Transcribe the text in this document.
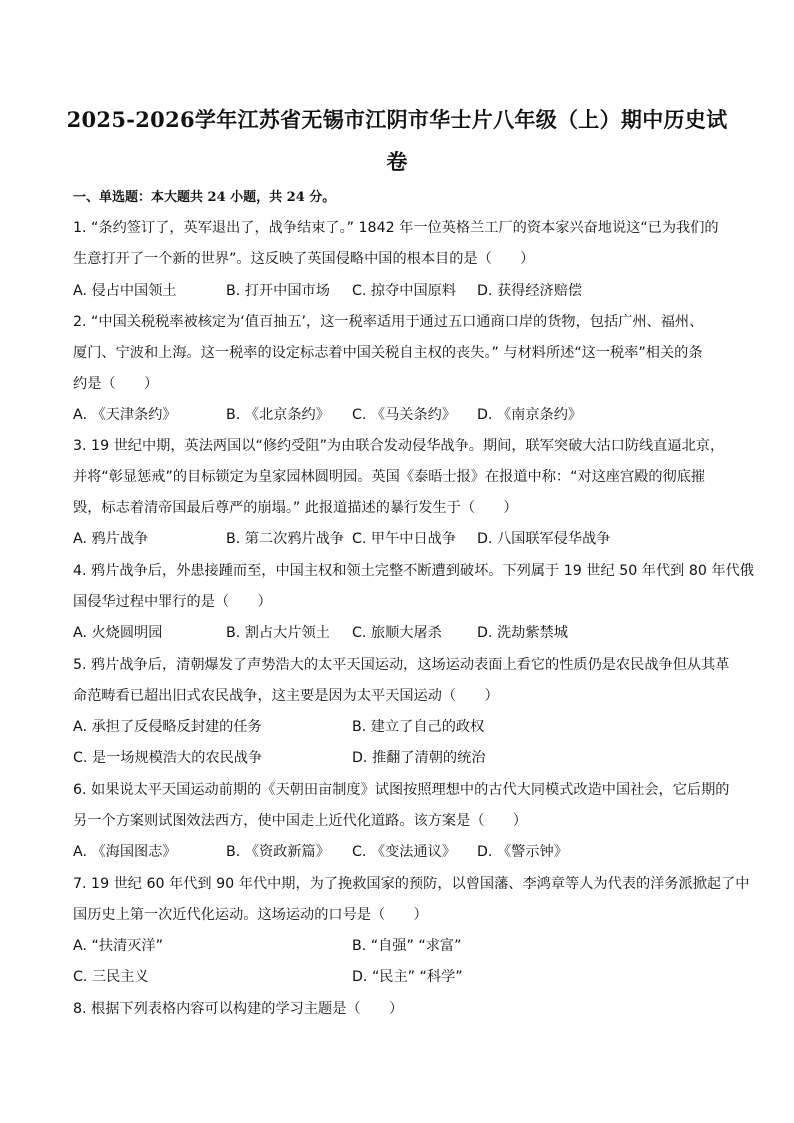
2025-2026学年江苏省无锡市江阴市华士片八年级（上）期中历史试
卷
一、单选题：本大题共 24 小题，共 24 分。
1. “条约签订了，英军退出了，战争结束了。” 1842 年一位英格兰工厂的资本家兴奋地说这“已为我们的
生意打开了一个新的世界”。这反映了英国侵略中国的根本目的是（　　）
A. 侵占中国领土	B. 打开中国市场 C. 掠夺中国原料 D. 获得经济赔偿
2. “中国关税税率被核定为‘值百抽五’，这一税率适用于通过五口通商口岸的货物，包括广州、福州、
厦门、宁波和上海。这一税率的设定标志着中国关税自主权的丧失。” 与材料所述“这一税率”相关的条
约是（　　）
A. 《天津条约》	B. 《北京条约》 C. 《马关条约》 D. 《南京条约》
3. 19 世纪中期，英法两国以“修约受阻”为由联合发动侵华战争。期间，联军突破大沽口防线直逼北京，
并将“彰显惩戒”的目标锁定为皇家园林圆明园。英国《泰晤士报》在报道中称：“对这座宫殿的彻底摧
毁，标志着清帝国最后尊严的崩塌。” 此报道描述的暴行发生于（　　）
A. 鸦片战争	B. 第二次鸦片战争 C. 甲午中日战争 D. 八国联军侵华战争
4. 鸦片战争后，外患接踵而至，中国主权和领土完整不断遭到破坏。下列属于 19 世纪 50 年代到 80 年代俄
国侵华过程中罪行的是（　　）
A. 火烧圆明园	B. 割占大片领土 C. 旅顺大屠杀 D. 洗劫紫禁城
5. 鸦片战争后，清朝爆发了声势浩大的太平天国运动，这场运动表面上看它的性质仍是农民战争但从其革
命范畴看已超出旧式农民战争，这主要是因为太平天国运动（　　）
A. 承担了反侵略反封建的任务	B. 建立了自己的政权
C. 是一场规模浩大的农民战争	D. 推翻了清朝的统治
6. 如果说太平天国运动前期的《天朝田亩制度》试图按照理想中的古代大同模式改造中国社会，它后期的
另一个方案则试图效法西方，使中国走上近代化道路。该方案是（　　）
A. 《海国图志》	B. 《资政新篇》 C. 《变法通议》 D. 《警示钟》
7. 19 世纪 60 年代到 90 年代中期，为了挽救国家的预防，以曾国藩、李鸿章等人为代表的洋务派掀起了中
国历史上第一次近代化运动。这场运动的口号是（　　）
A. “扶清灭洋”	B. “自强” “求富”
C. 三民主义	D. “民主” “科学”
8. 根据下列表格内容可以构建的学习主题是（　　）
